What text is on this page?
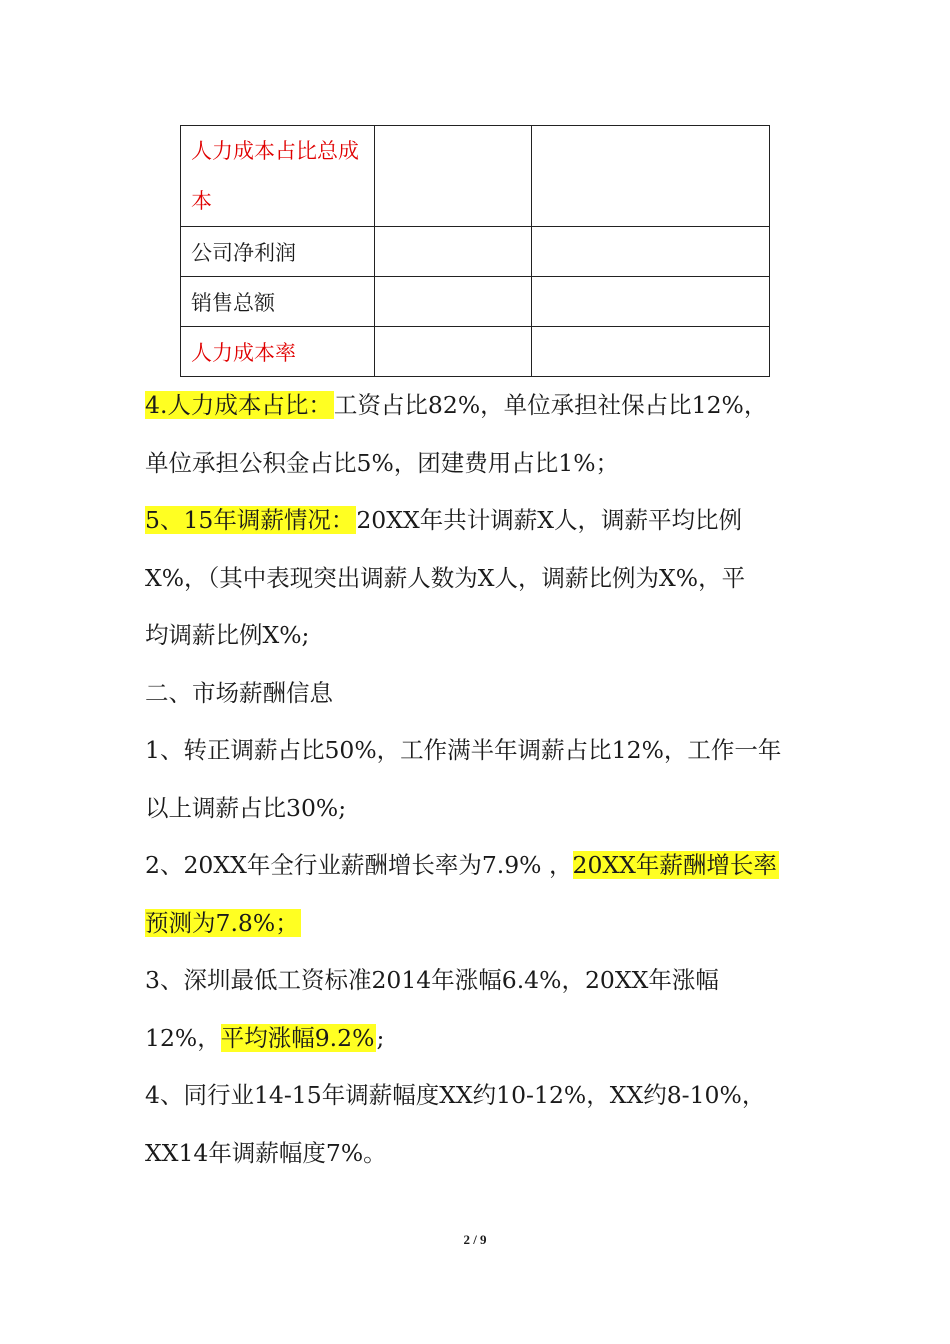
人力成本占比总成本		
公司净利润		
销售总额		
人力成本率		

4.人力成本占比：工资占比82%，单位承担社保占比12%，

单位承担公积金占比5%，团建费用占比1%；

5、15年调薪情况：20XX年共计调薪X人，调薪平均比例

X%，（其中表现突出调薪人数为X人，调薪比例为X%，平

均调薪比例X%;

二、市场薪酬信息

1、转正调薪占比50%，工作满半年调薪占比12%，工作一年

以上调薪占比30%;

2、20XX年全行业薪酬增长率为7.9% ，20XX年薪酬增长率

预测为7.8%；

3、深圳最低工资标准2014年涨幅6.4%，20XX年涨幅

12%，平均涨幅9.2%;

4、同行业14-15年调薪幅度XX约10-12%，XX约8-10%，

XX14年调薪幅度7%。

2 / 9
